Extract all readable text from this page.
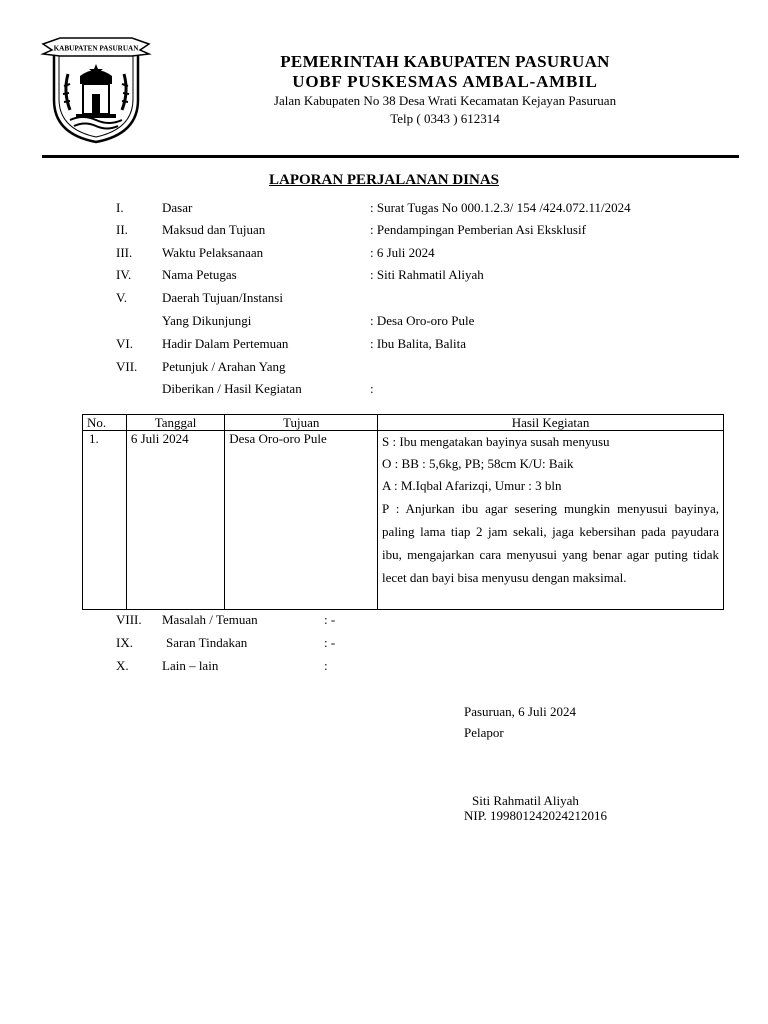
KABUPATEN PASURUAN
PEMERINTAH KABUPATEN PASURUAN
UOBF PUSKESMAS AMBAL-AMBIL
Jalan Kabupaten No 38 Desa Wrati Kecamatan Kejayan Pasuruan
Telp ( 0343 ) 612314
LAPORAN PERJALANAN DINAS
I.	Dasar	: Surat Tugas No 000.1.2.3/ 154 /424.072.11/2024
II.	Maksud dan Tujuan	: Pendampingan Pemberian Asi Eksklusif
III. Waktu Pelaksanaan	: 6 Juli 2024
IV. Nama Petugas	: Siti Rahmatil Aliyah
V.	Daerah Tujuan/Instansi
Yang Dikunjungi	: Desa Oro-oro Pule
VI. Hadir Dalam Pertemuan	: Ibu Balita, Balita
VII. Petunjuk / Arahan Yang
Diberikan / Hasil Kegiatan	:
No.	Tanggal	Tujuan	Hasil Kegiatan
1.	6 Juli 2024	Desa Oro-oro Pule	S : Ibu mengatakan bayinya susah menyusu
O : BB : 5,6kg, PB; 58cm K/U: Baik
A : M.Iqbal Afarizqi, Umur : 3 bln
P : Anjurkan ibu agar sesering mungkin menyusui bayinya, paling lama tiap 2 jam sekali, jaga kebersihan pada payudara ibu, mengajarkan cara menyusui yang benar agar puting tidak lecet dan bayi bisa menyusu dengan maksimal.
VIII. Masalah / Temuan	: -
IX.	Saran Tindakan	: -
X.	Lain – lain	:
Pasuruan, 6 Juli 2024
Pelapor
Siti Rahmatil Aliyah
NIP. 199801242024212016
